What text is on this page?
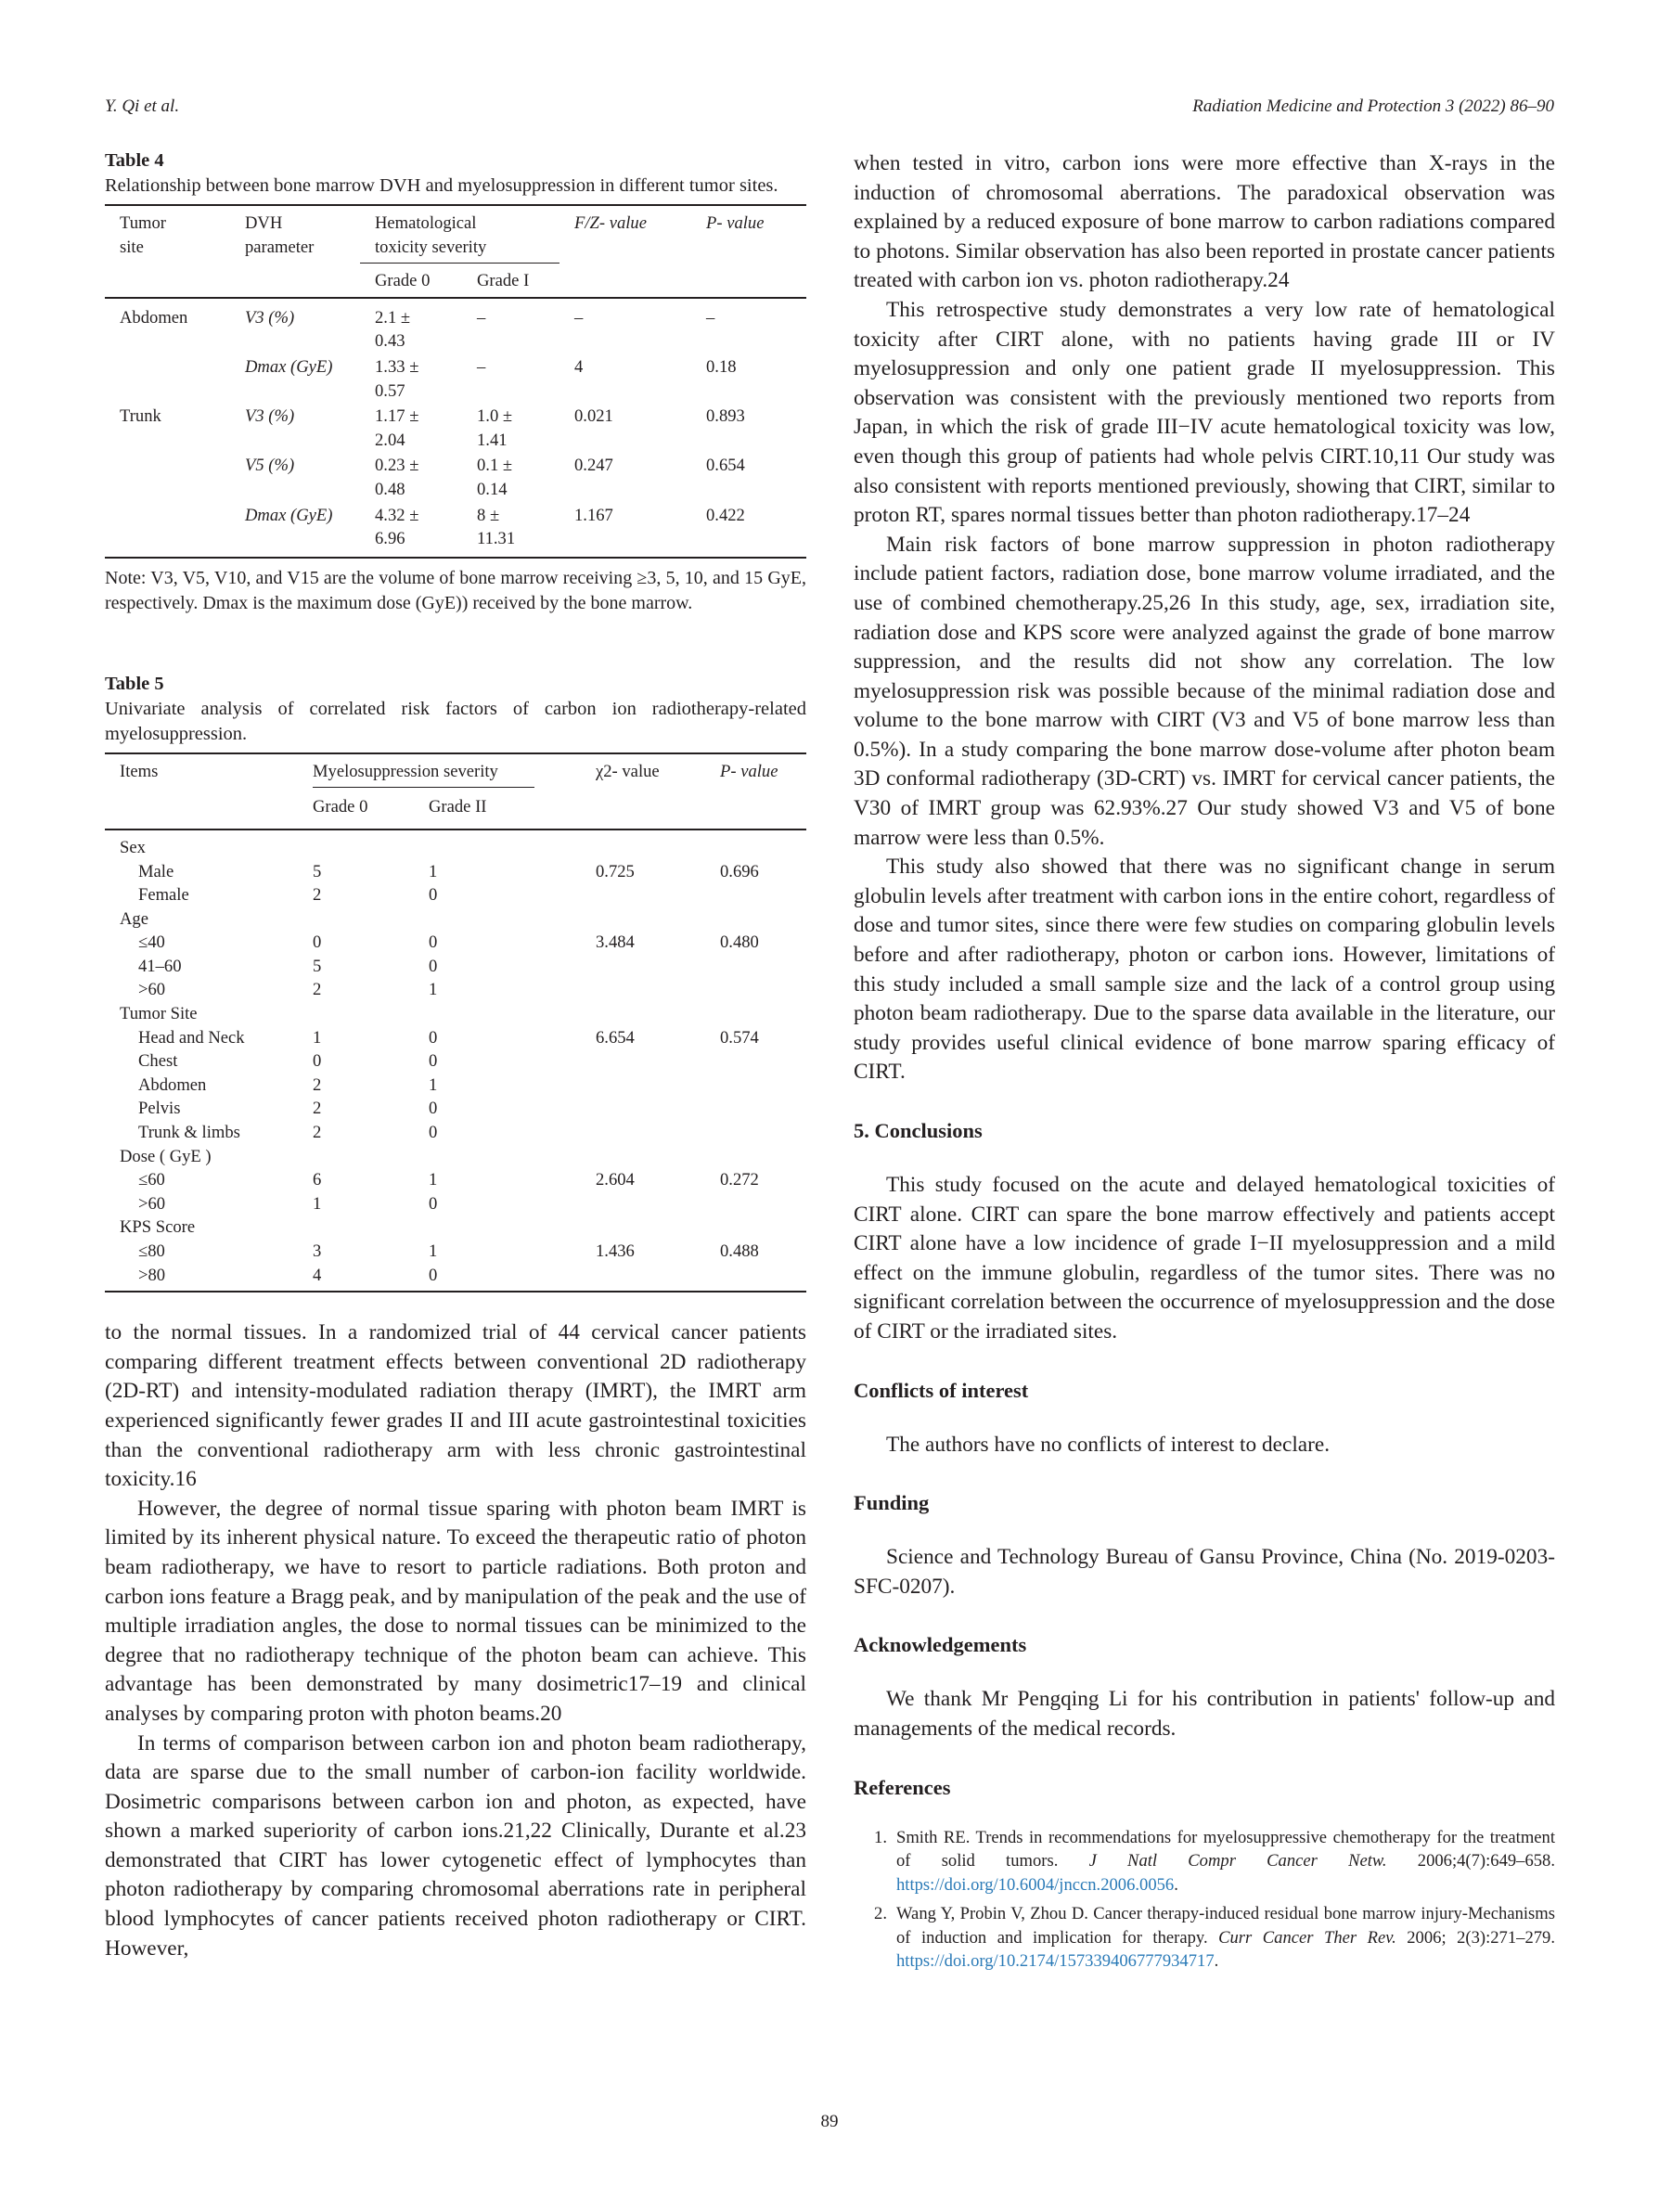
Y. Qi et al.	Radiation Medicine and Protection 3 (2022) 86–90
Table 4
Relationship between bone marrow DVH and myelosuppression in different tumor sites.
Tumor site	DVH parameter	Hematological toxicity severity		F/Z- value	P- value
		Grade 0	Grade I		

Abdomen	V3 (%)	2.1 ± 0.43	–	–	–

	Dmax (GyE)	1.33 ± 0.57	–	4	0.18

Trunk	V3 (%)	1.17 ± 2.04	1.0 ± 1.41	0.021	0.893

	V5 (%)	0.23 ± 0.48	0.1 ± 0.14	0.247	0.654

	Dmax (GyE)	4.32 ± 6.96	8 ± 11.31	1.167	0.422
Note: V3, V5, V10, and V15 are the volume of bone marrow receiving ≥3, 5, 10, and 15 GyE, respectively. Dmax is the maximum dose (GyE)) received by the bone marrow.
Table 5
Univariate analysis of correlated risk factors of carbon ion radiotherapy-related myelosuppression.
Items	Myelosuppression severity		χ2- value	P- value
	Grade 0	Grade II		
Sex				
Male	5	1	0.725	0.696
Female	2	0		
Age				
≤40	0	0	3.484	0.480
41–60	5	0		
>60	2	1		
Tumor Site				
Head and Neck	1	0	6.654	0.574
Chest	0	0		
Abdomen	2	1		
Pelvis	2	0		
Trunk & limbs	2	0		
Dose ( GyE )				
≤60	6	1	2.604	0.272
>60	1	0		
KPS Score				
≤80	3	1	1.436	0.488
>80	4	0		

to the normal tissues. In a randomized trial of 44 cervical cancer patients comparing different treatment effects between conventional 2D radiotherapy (2D-RT) and intensity-modulated radiation therapy (IMRT), the IMRT arm experienced significantly fewer grades II and III acute gastrointestinal toxicities than the conventional radiotherapy arm with less chronic gastrointestinal toxicity.16

However, the degree of normal tissue sparing with photon beam IMRT is limited by its inherent physical nature. To exceed the therapeutic ratio of photon beam radiotherapy, we have to resort to particle radiations. Both proton and carbon ions feature a Bragg peak, and by manipulation of the peak and the use of multiple irradiation angles, the dose to normal tissues can be minimized to the degree that no radiotherapy technique of the photon beam can achieve. This advantage has been demonstrated by many dosimetric17–19 and clinical analyses by comparing proton with photon beams.20

In terms of comparison between carbon ion and photon beam radiotherapy, data are sparse due to the small number of carbon-ion facility worldwide. Dosimetric comparisons between carbon ion and photon, as expected, have shown a marked superiority of carbon ions.21,22 Clinically, Durante et al.23 demonstrated that CIRT has lower cytogenetic effect of lymphocytes than photon radiotherapy by comparing chromosomal aberrations rate in peripheral blood lymphocytes of cancer patients received photon radiotherapy or CIRT. However,

when tested in vitro, carbon ions were more effective than X-rays in the induction of chromosomal aberrations. The paradoxical observation was explained by a reduced exposure of bone marrow to carbon radiations compared to photons. Similar observation has also been reported in prostate cancer patients treated with carbon ion vs. photon radiotherapy.24

This retrospective study demonstrates a very low rate of hematological toxicity after CIRT alone, with no patients having grade III or IV myelosuppression and only one patient grade II myelosuppression. This observation was consistent with the previously mentioned two reports from Japan, in which the risk of grade III−IV acute hematological toxicity was low, even though this group of patients had whole pelvis CIRT.10,11 Our study was also consistent with reports mentioned previously, showing that CIRT, similar to proton RT, spares normal tissues better than photon radiotherapy.17–24

Main risk factors of bone marrow suppression in photon radiotherapy include patient factors, radiation dose, bone marrow volume irradiated, and the use of combined chemotherapy.25,26 In this study, age, sex, irradiation site, radiation dose and KPS score were analyzed against the grade of bone marrow suppression, and the results did not show any correlation. The low myelosuppression risk was possible because of the minimal radiation dose and volume to the bone marrow with CIRT (V3 and V5 of bone marrow less than 0.5%). In a study comparing the bone marrow dose-volume after photon beam 3D conformal radiotherapy (3D-CRT) vs. IMRT for cervical cancer patients, the V30 of IMRT group was 62.93%.27 Our study showed V3 and V5 of bone marrow were less than 0.5%.

This study also showed that there was no significant change in serum globulin levels after treatment with carbon ions in the entire cohort, regardless of dose and tumor sites, since there were few studies on comparing globulin levels before and after radiotherapy, photon or carbon ions. However, limitations of this study included a small sample size and the lack of a control group using photon beam radiotherapy. Due to the sparse data available in the literature, our study provides useful clinical evidence of bone marrow sparing efficacy of CIRT.

5. Conclusions

This study focused on the acute and delayed hematological toxicities of CIRT alone. CIRT can spare the bone marrow effectively and patients accept CIRT alone have a low incidence of grade I−II myelosuppression and a mild effect on the immune globulin, regardless of the tumor sites. There was no significant correlation between the occurrence of myelosuppression and the dose of CIRT or the irradiated sites.

Conflicts of interest

The authors have no conflicts of interest to declare.

Funding

Science and Technology Bureau of Gansu Province, China (No. 2019-0203-SFC-0207).

Acknowledgements

We thank Mr Pengqing Li for his contribution in patients' follow-up and managements of the medical records.

References
1. Smith RE. Trends in recommendations for myelosuppressive chemotherapy for the treatment of solid tumors. J Natl Compr Cancer Netw. 2006;4(7):649–658. https://doi.org/10.6004/jnccn.2006.0056.
2. Wang Y, Probin V, Zhou D. Cancer therapy-induced residual bone marrow injury-Mechanisms of induction and implication for therapy. Curr Cancer Ther Rev. 2006; 2(3):271–279. https://doi.org/10.2174/157339406777934717.
89
